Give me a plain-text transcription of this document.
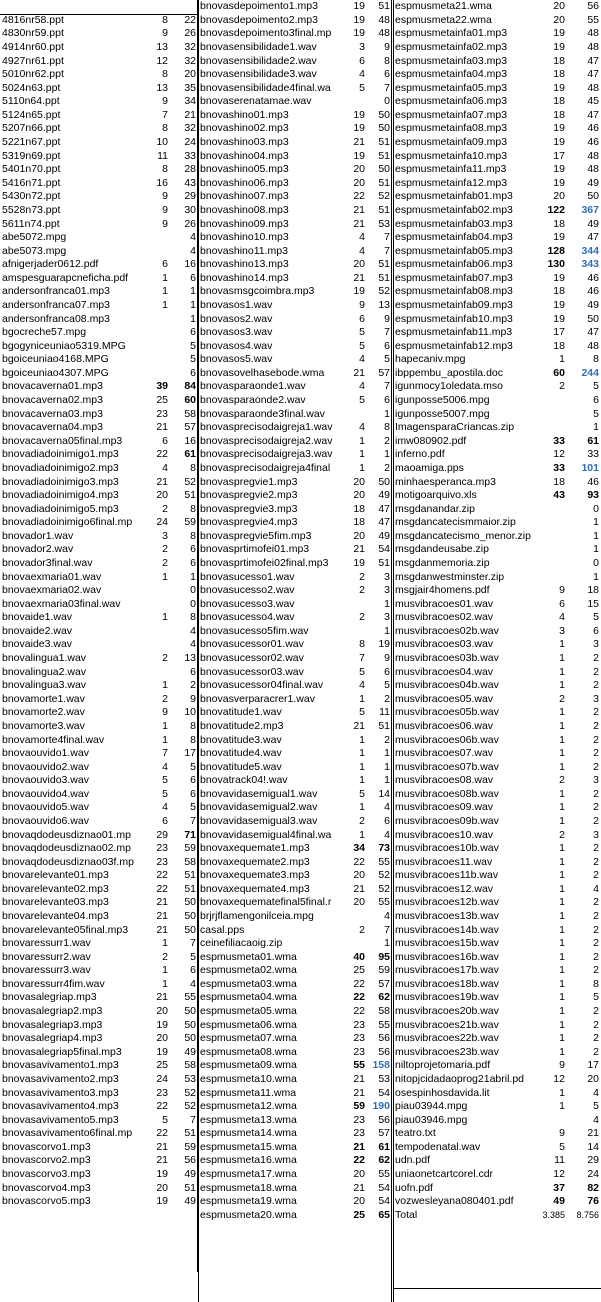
4816nr58.ppt	8	22
4830nr59.ppt	9	26
4914nr60.ppt	13	32
4927nr61.ppt	12	32
5010nr62.ppt	8	20
5024n63.ppt	13	35
5110n64.ppt	9	34
5124n65.ppt	7	21
5207n66.ppt	8	32
5221n67.ppt	10	24
5319n69.ppt	11	33
5401n70.ppt	8	28
5416n71.ppt	16	43
5430n72.ppt	9	29
5528n73.ppt	9	30
5611n74.ppt	9	26
abe5072.mpg		4
abe5073.mpg		4
afnigerjader0612.pdf	6	16
amspesguarapcneficha.pdf	1	6
andersonfranca01.mp3	1	1
andersonfranca07.mp3	1	1
andersonfranca08.mp3		1
bgocreche57.mpg		6
bgogyniceuniao5319.MPG		5
bgoiceuniao4168.MPG		5
bgoiceuniao4307.MPG		6
bnovacaverna01.mp3	39	84
bnovacaverna02.mp3	25	60
bnovacaverna03.mp3	23	58
bnovacaverna04.mp3	21	57
bnovacaverna05final.mp3	6	16
bnovadiadoinimigo1.mp3	22	61
bnovadiadoinimigo2.mp3	4	8
bnovadiadoinimigo3.mp3	21	52
bnovadiadoinimigo4.mp3	20	51
bnovadiadoinimigo5.mp3	2	8
bnovadiadoinimigo6final.mp	24	59
bnovador1.wav	3	8
bnovador2.wav	2	6
bnovador3final.wav	2	6
bnovaexmaria01.wav	1	1
bnovaexmaria02.wav		0
bnovaexmaria03final.wav		0
bnovaide1.wav	1	8
bnovaide2.wav		4
bnovaide3.wav		4
bnovalingua1.wav	2	13
bnovalingua2.wav		6
bnovalingua3.wav	1	2
bnovamorte1.wav	2	9
bnovamorte2.wav	9	10
bnovamorte3.wav	1	8
bnovamorte4final.wav	1	8
bnovaouvido1.wav	7	17
bnovaouvido2.wav	4	5
bnovaouvido3.wav	5	6
bnovaouvido4.wav	5	6
bnovaouvido5.wav	4	5
bnovaouvido6.wav	6	7
bnovaqdodeusdiznao01.mp	29	71
bnovaqdodeusdiznao02.mp	23	59
bnovaqdodeusdiznao03f.mp	23	58
bnovarelevante01.mp3	22	51
bnovarelevante02.mp3	22	51
bnovarelevante03.mp3	21	50
bnovarelevante04.mp3	21	50
bnovarelevante05final.mp3	21	50
bnovaressurr1.wav	1	7
bnovaressurr2.wav	2	5
bnovaressurr3.wav	1	6
bnovaressurr4fim.wav	1	4
bnovasalegriap.mp3	21	55
bnovasalegriap2.mp3	20	50
bnovasalegriap3.mp3	19	50
bnovasalegriap4.mp3	20	50
bnovasalegriap5final.mp3	19	49
bnovasavivamento1.mp3	25	58
bnovasavivamento2.mp3	24	53
bnovasavivamento3.mp3	23	52
bnovasavivamento4.mp3	22	52
bnovasavivamento5.mp3	5	7
bnovasavivamento6final.mp	22	51
bnovascorvo1.mp3	21	59
bnovascorvo2.mp3	21	56
bnovascorvo3.mp3	19	49
bnovascorvo4.mp3	20	51
bnovascorvo5.mp3	19	49
bnovasdepoimento1.mp3	19	51
bnovasdepoimento2.mp3	19	48
bnovasdepoimento3final.mp	19	48
bnovasensibilidade1.wav	3	9
bnovasensibilidade2.wav	6	8
bnovasensibilidade3.wav	4	6
bnovasensibilidade4final.wa	5	7
bnovaserenatamae.wav		0
bnovashino01.mp3	19	50
bnovashino02.mp3	19	50
bnovashino03.mp3	21	51
bnovashino04.mp3	19	51
bnovashino05.mp3	20	50
bnovashino06.mp3	20	51
bnovashino07.mp3	22	52
bnovashino08.mp3	21	51
bnovashino09.mp3	21	53
bnovashino10.mp3	4	7
bnovashino11.mp3	4	7
bnovashino13.mp3	20	51
bnovashino14.mp3	21	51
bnovasmsgcoimbra.mp3	19	52
bnovasos1.wav	9	13
bnovasos2.wav	6	9
bnovasos3.wav	5	7
bnovasos4.wav	5	6
bnovasos5.wav	4	5
bnovasovelhasebode.wma	21	57
bnovasparaonde1.wav	4	7
bnovasparaonde2.wav	5	6
bnovasparaonde3final.wav		1
bnovasprecisodaigreja1.wav	4	8
bnovasprecisodaigreja2.wav	1	2
bnovasprecisodaigreja3.wav	1	1
bnovasprecisodaigreja4final	1	2
bnovaspregvie1.mp3	20	50
bnovaspregvie2.mp3	20	49
bnovaspregvie3.mp3	18	47
bnovaspregvie4.mp3	18	47
bnovaspregvie5fim.mp3	20	49
bnovasprtimofei01.mp3	21	54
bnovasprtimofei02final.mp3	19	51
bnovasucesso1.wav	2	3
bnovasucesso2.wav	2	3
bnovasucesso3.wav		1
bnovasucesso4.wav	2	3
bnovasucesso5fim.wav		1
bnovasucessor01.wav	8	19
bnovasucessor02.wav	7	9
bnovasucessor03.wav	5	6
bnovasucessor04final.wav	4	5
bnovasverparacrer1.wav	1	2
bnovatitude1.wav	5	11
bnovatitude2.mp3	21	51
bnovatitude3.wav	1	2
bnovatitude4.wav	1	1
bnovatitude5.wav	1	1
bnovatrack04!.wav	1	1
bnovavidasemigual1.wav	5	14
bnovavidasemigual2.wav	1	4
bnovavidasemigual3.wav	2	6
bnovavidasemigual4final.wa	1	4
bnovaxequemate1.mp3	34	73
bnovaxequemate2.mp3	22	55
bnovaxequemate3.mp3	20	52
bnovaxequemate4.mp3	21	52
bnovaxequematefinal5final.r	20	55
brjrjflamengonilceia.mpg		4
casal.pps	2	7
ceinefiliacaoig.zip		1
espmusmeta01.wma	40	95
espmusmeta02.wma	25	59
espmusmeta03.wma	22	57
espmusmeta04.wma	22	62
espmusmeta05.wma	22	58
espmusmeta06.wma	23	55
espmusmeta07.wma	23	56
espmusmeta08.wma	23	56
espmusmeta09.wma	55	158
espmusmeta10.wma	21	53
espmusmeta11.wma	21	54
espmusmeta12.wma	59	190
espmusmeta13.wma	23	56
espmusmeta14.wma	23	57
espmusmeta15.wma	21	61
espmusmeta16.wma	22	62
espmusmeta17.wma	20	55
espmusmeta18.wma	21	54
espmusmeta19.wma	20	54
espmusmeta20.wma	25	65
espmusmeta21.wma	20	56
espmusmeta22.wma	20	55
espmusmetainfa01.mp3	19	48
espmusmetainfa02.mp3	19	48
espmusmetainfa03.mp3	18	47
espmusmetainfa04.mp3	18	47
espmusmetainfa05.mp3	19	48
espmusmetainfa06.mp3	18	45
espmusmetainfa07.mp3	18	47
espmusmetainfa08.mp3	19	46
espmusmetainfa09.mp3	19	46
espmusmetainfa10.mp3	17	48
espmusmetainfa11.mp3	19	48
espmusmetainfa12.mp3	19	49
espmusmetainfab01.mp3	20	50
espmusmetainfab02.mp3	122	367
espmusmetainfab03.mp3	18	49
espmusmetainfab04.mp3	19	47
espmusmetainfab05.mp3	128	344
espmusmetainfab06.mp3	130	343
espmusmetainfab07.mp3	19	46
espmusmetainfab08.mp3	18	46
espmusmetainfab09.mp3	19	49
espmusmetainfab10.mp3	19	50
espmusmetainfab11.mp3	17	47
espmusmetainfab12.mp3	18	48
hapecaniv.mpg	1	8
ibppembu_apostila.doc	60	244
igunmocy1oledata.mso	2	5
igunposse5006.mpg		6
igunposse5007.mpg		5
ImagensparaCriancas.zip		1
imw080902.pdf	33	61
inferno.pdf	12	33
maoamiga.pps	33	101
minhaesperanca.mp3	18	46
motigoarquivo.xls	43	93
msgdanandar.zip		0
msgdancatecismmaior.zip		1
msgdancatecismo_menor.zip		1
msgdandeusabe.zip		1
msgdanmemoria.zip		0
msgdanwestminster.zip		1
msgjair4homens.pdf	9	18
musvibracoes01.wav	6	15
musvibracoes02.wav	4	5
musvibracoes02b.wav	3	6
musvibracoes03.wav	1	3
musvibracoes03b.wav	1	2
musvibracoes04.wav	1	2
musvibracoes04b.wav	1	2
musvibracoes05.wav	2	3
musvibracoes05b.wav	1	2
musvibracoes06.wav	1	2
musvibracoes06b.wav	1	2
musvibracoes07.wav	1	2
musvibracoes07b.wav	1	2
musvibracoes08.wav	2	3
musvibracoes08b.wav	1	2
musvibracoes09.wav	1	2
musvibracoes09b.wav	1	2
musvibracoes10.wav	2	3
musvibracoes10b.wav	1	2
musvibracoes11.wav	1	2
musvibracoes11b.wav	1	2
musvibracoes12.wav	1	4
musvibracoes12b.wav	1	2
musvibracoes13b.wav	1	2
musvibracoes14b.wav	1	2
musvibracoes15b.wav	1	2
musvibracoes16b.wav	1	2
musvibracoes17b.wav	1	2
musvibracoes18b.wav	1	8
musvibracoes19b.wav	1	5
musvibracoes20b.wav	1	2
musvibracoes21b.wav	1	2
musvibracoes22b.wav	1	2
musvibracoes23b.wav	1	2
niltoprojetomaria.pdf	9	17
nitopjcidadaoprog21abril.pd	12	20
osespinhosdavida.lit	1	4
piau03944.mpg	1	5
piau03946.mpg		4
teatro.txt	9	21
tempodenatal.wav	5	14
udn.pdf	11	29
uniaonetcartcorel.cdr	12	24
uofn.pdf	37	82
vozwesleyana080401.pdf	49	76
Total	3.385	8.756
